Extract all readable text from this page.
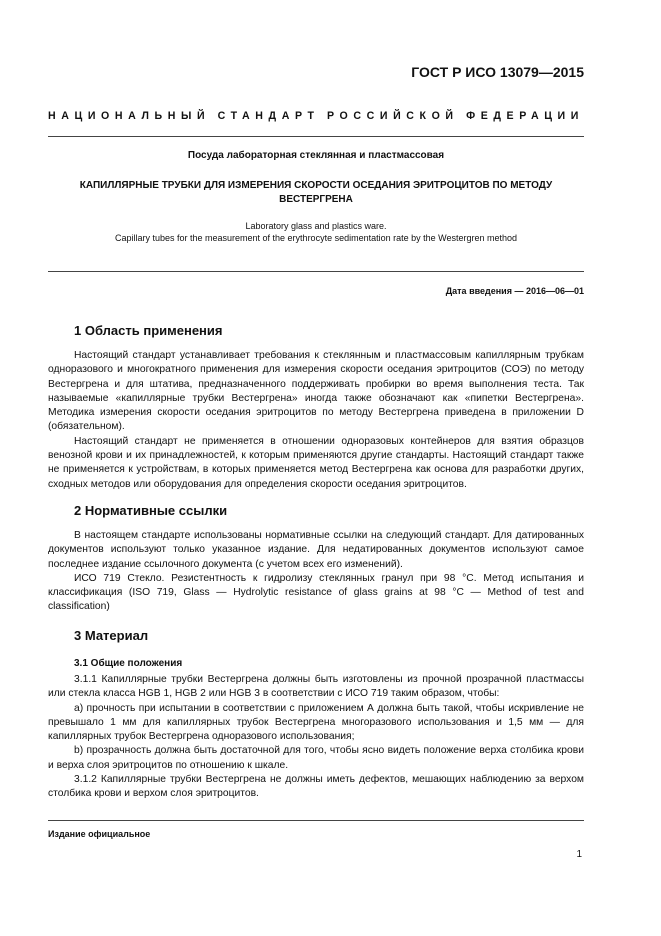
ГОСТ Р ИСО 13079—2015
НАЦИОНАЛЬНЫЙ СТАНДАРТ РОССИЙСКОЙ ФЕДЕРАЦИИ
Посуда лабораторная стеклянная и пластмассовая
КАПИЛЛЯРНЫЕ ТРУБКИ ДЛЯ ИЗМЕРЕНИЯ СКОРОСТИ ОСЕДАНИЯ ЭРИТРОЦИТОВ ПО МЕТОДУ ВЕСТЕРГРЕНА
Laboratory glass and plastics ware.
Capillary tubes for the measurement of the erythrocyte sedimentation rate by the Westergren method
Дата введения — 2016—06—01
1 Область применения

Настоящий стандарт устанавливает требования к стеклянным и пластмассовым капиллярным трубкам одноразового и многократного применения для измерения скорости оседания эритроцитов (СОЭ) по методу Вестергрена и для штатива, предназначенного поддерживать пробирки во время выполнения теста. Так называемые «капиллярные трубки Вестергрена» иногда также обозначают как «пипетки Вестергрена». Методика измерения скорости оседания эритроцитов по методу Вестергрена приведена в приложении D (обязательном).

Настоящий стандарт не применяется в отношении одноразовых контейнеров для взятия образцов венозной крови и их принадлежностей, к которым применяются другие стандарты. Настоящий стандарт также не применяется к устройствам, в которых применяется метод Вестергрена как основа для разработки других, сходных методов или оборудования для определения скорости оседания эритроцитов.

2 Нормативные ссылки

В настоящем стандарте использованы нормативные ссылки на следующий стандарт. Для датированных документов используют только указанное издание. Для недатированных документов используют самое последнее издание ссылочного документа (с учетом всех его изменений).

ИСО 719 Стекло. Резистентность к гидролизу стеклянных гранул при 98 °С. Метод испытания и классификация (ISO 719, Glass — Hydrolytic resistance of glass grains at 98 °C — Method of test and classification)

3 Материал
3.1 Общие положения

3.1.1 Капиллярные трубки Вестергрена должны быть изготовлены из прочной прозрачной пластмассы или стекла класса HGB 1, HGB 2 или HGB 3 в соответствии с ИСО 719 таким образом, чтобы:

a) прочность при испытании в соответствии с приложением А должна быть такой, чтобы искривление не превышало 1 мм для капиллярных трубок Вестергрена многоразового использования и 1,5 мм — для капиллярных трубок Вестергрена одноразового использования;

b) прозрачность должна быть достаточной для того, чтобы ясно видеть положение верха столбика крови и верха слоя эритроцитов по отношению к шкале.

3.1.2 Капиллярные трубки Вестергрена не должны иметь дефектов, мешающих наблюдению за верхом столбика крови и верхом слоя эритроцитов.

Издание официальное
1
